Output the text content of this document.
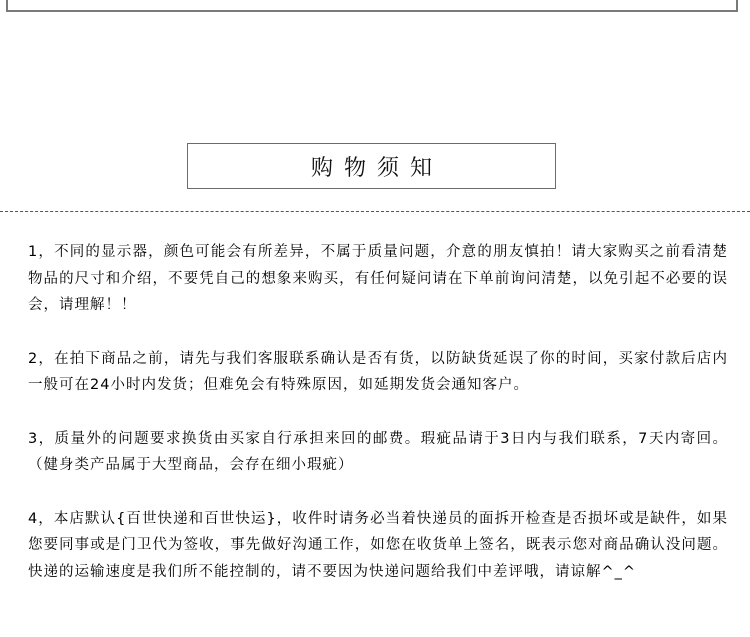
购物须知

1，不同的显示器，颜色可能会有所差异，不属于质量问题，介意的朋友慎拍！请大家购买之前看清楚物品的尺寸和介绍，不要凭自己的想象来购买，有任何疑问请在下单前询问清楚，以免引起不必要的误会，请理解！！

2，在拍下商品之前，请先与我们客服联系确认是否有货，以防缺货延误了你的时间，买家付款后店内一般可在24小时内发货；但难免会有特殊原因，如延期发货会通知客户。

3，质量外的问题要求换货由买家自行承担来回的邮费。瑕疵品请于3日内与我们联系，7天内寄回。（健身类产品属于大型商品，会存在细小瑕疵）

4，本店默认{百世快递和百世快运}，收件时请务必当着快递员的面拆开检查是否损坏或是缺件，如果您要同事或是门卫代为签收，事先做好沟通工作，如您在收货单上签名，既表示您对商品确认没问题。快递的运输速度是我们所不能控制的，请不要因为快递问题给我们中差评哦，请谅解^_^
